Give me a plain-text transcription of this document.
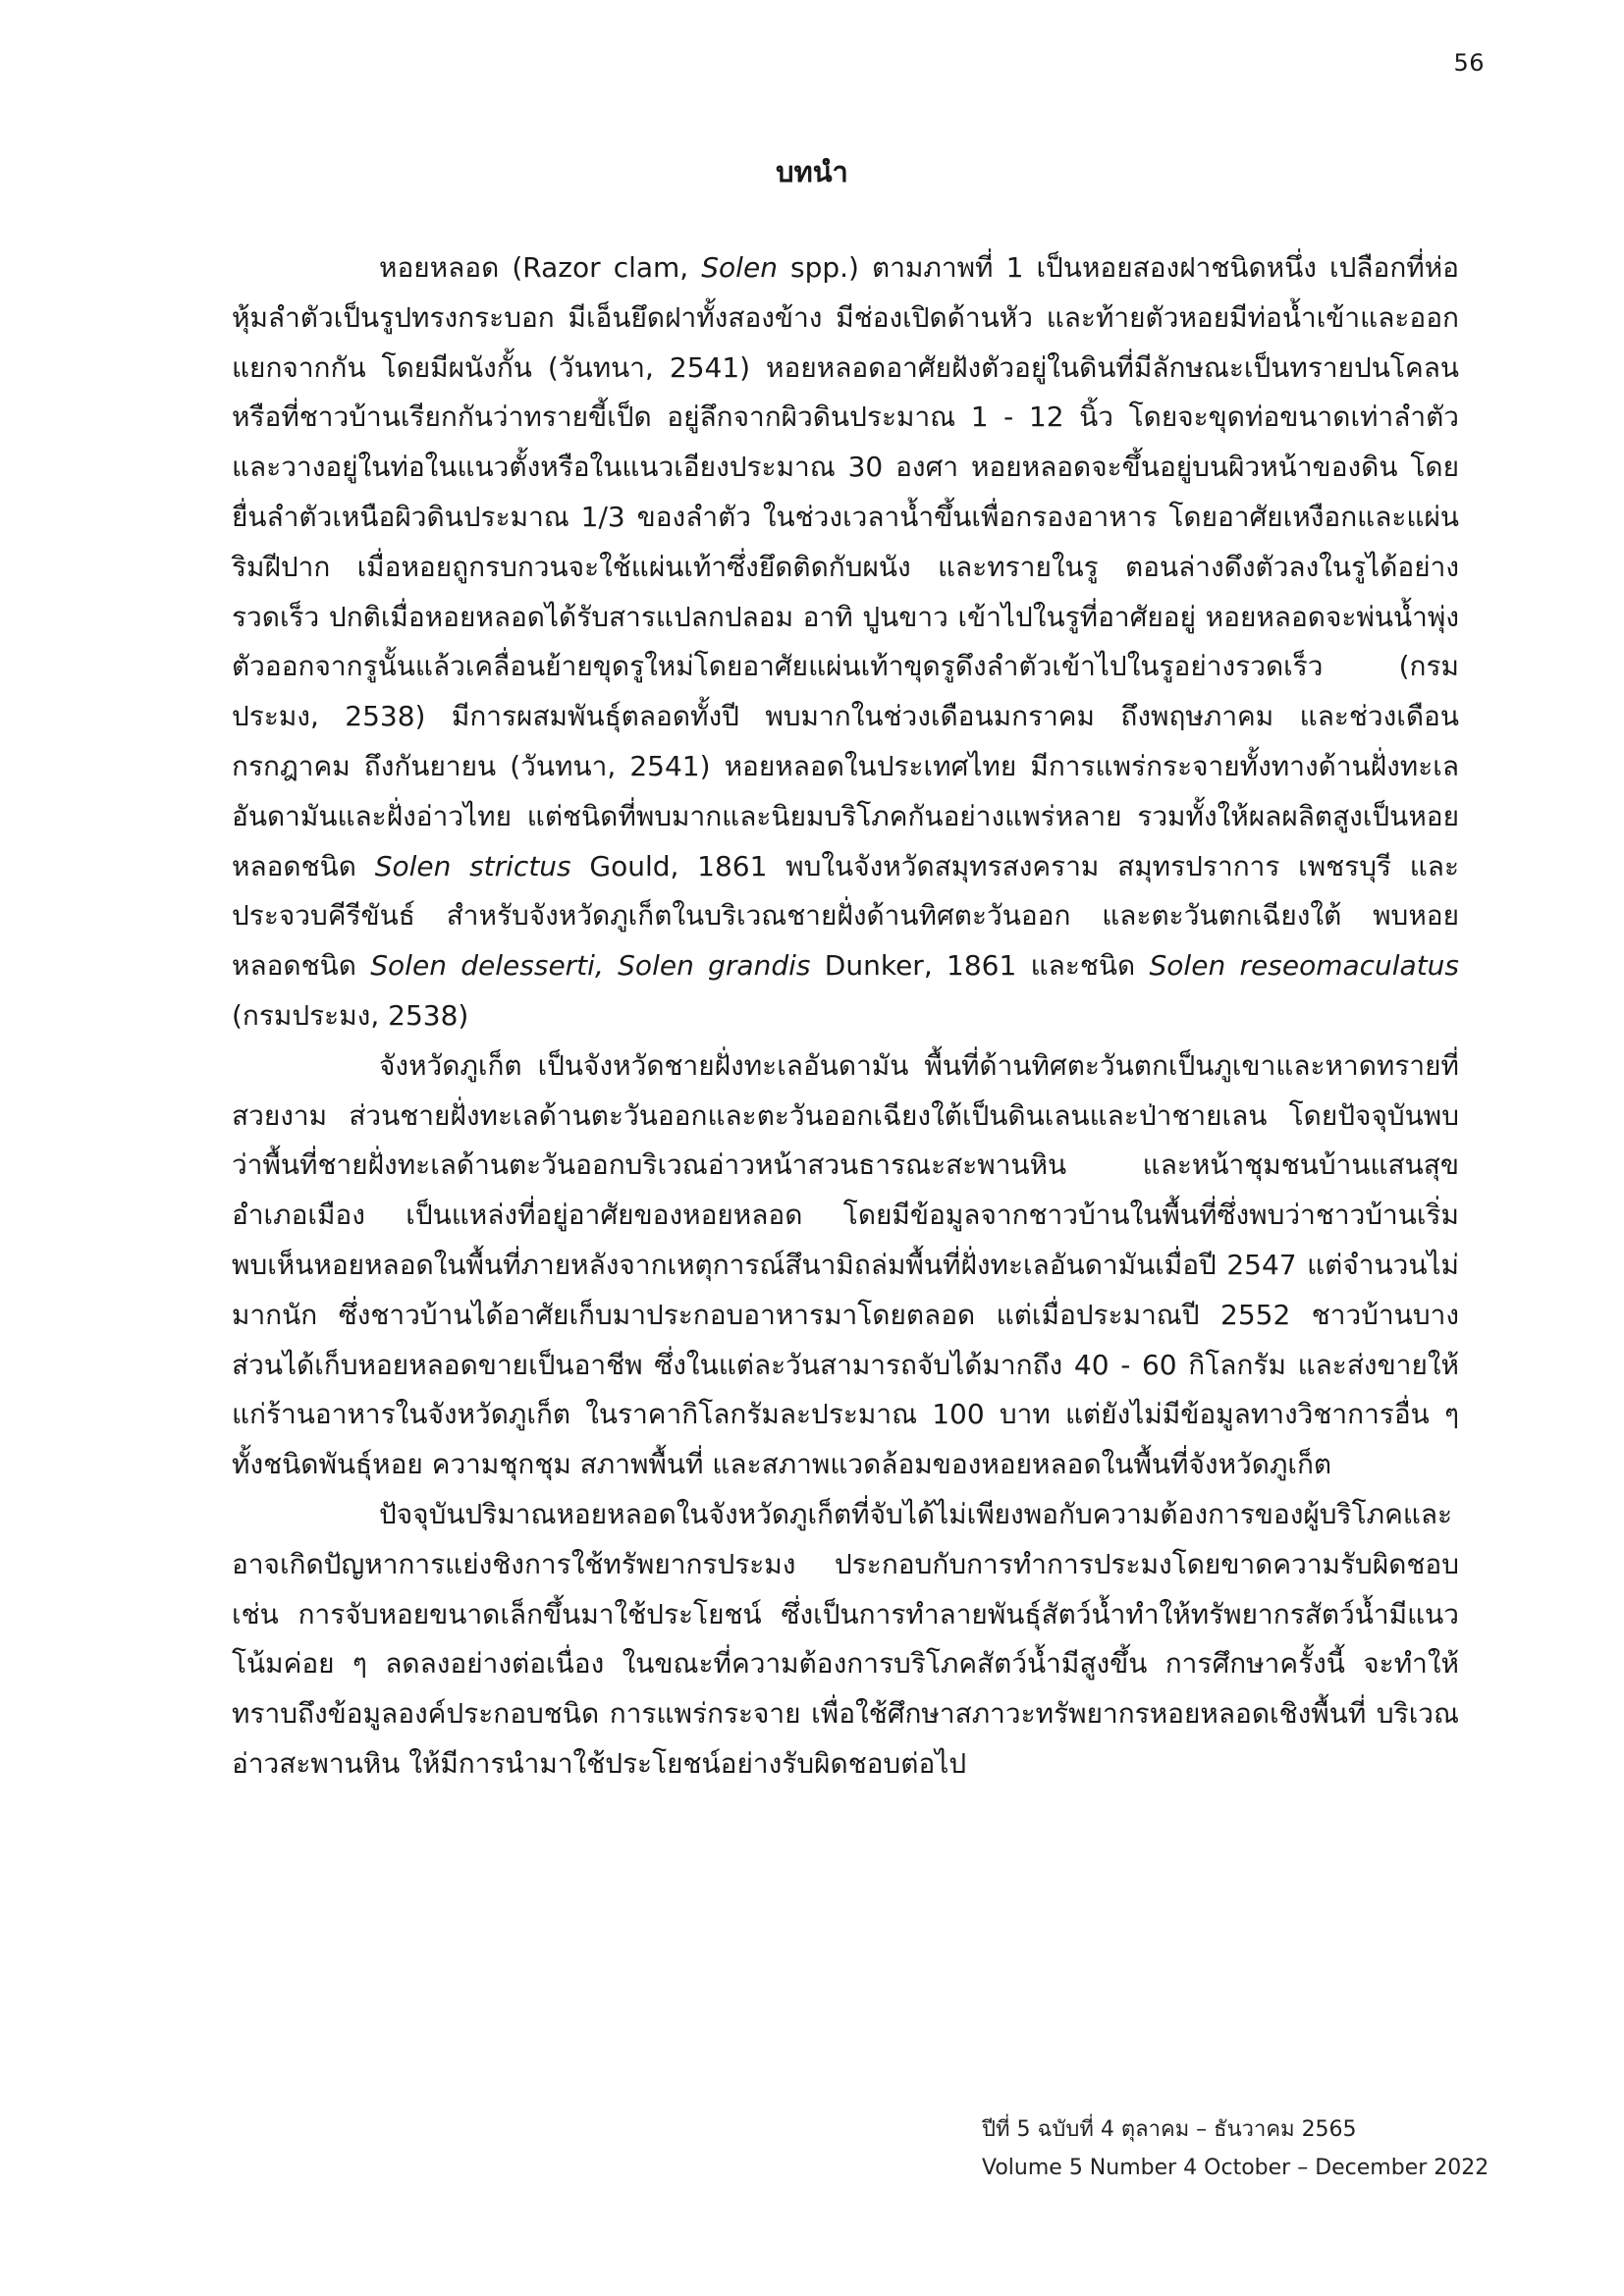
56
บทนำ

หอยหลอด (Razor clam, Solen spp.) ตามภาพที่ 1 เป็นหอยสองฝาชนิดหนึ่ง เปลือกที่ห่อหุ้มลำตัวเป็นรูปทรงกระบอก มีเอ็นยึดฝาทั้งสองข้าง มีช่องเปิดด้านหัว และท้ายตัวหอยมีท่อน้ำเข้าและออกแยกจากกัน โดยมีผนังกั้น (วันทนา, 2541) หอยหลอดอาศัยฝังตัวอยู่ในดินที่มีลักษณะเป็นทรายปนโคลน หรือที่ชาวบ้านเรียกกันว่าทรายขี้เป็ด อยู่ลึกจากผิวดินประมาณ 1 - 12 นิ้ว โดยจะขุดท่อขนาดเท่าลำตัว และวางอยู่ในท่อในแนวตั้งหรือในแนวเอียงประมาณ 30 องศา หอยหลอดจะขึ้นอยู่บนผิวหน้าของดิน โดยยื่นลำตัวเหนือผิวดินประมาณ 1/3 ของลำตัว ในช่วงเวลาน้ำขึ้นเพื่อกรองอาหาร โดยอาศัยเหงือกและแผ่นริมฝีปาก เมื่อหอยถูกรบกวนจะใช้แผ่นเท้าซึ่งยึดติดกับผนัง และทรายในรู ตอนล่างดึงตัวลงในรูได้อย่างรวดเร็ว ปกติเมื่อหอยหลอดได้รับสารแปลกปลอม อาทิ ปูนขาว เข้าไปในรูที่อาศัยอยู่ หอยหลอดจะพ่นน้ำพุ่งตัวออกจากรูนั้นแล้วเคลื่อนย้ายขุดรูใหม่โดยอาศัยแผ่นเท้าขุดรูดึงลำตัวเข้าไปในรูอย่างรวดเร็ว (กรมประมง, 2538) มีการผสมพันธุ์ตลอดทั้งปี พบมากในช่วงเดือนมกราคม ถึงพฤษภาคม และช่วงเดือนกรกฎาคม ถึงกันยายน (วันทนา, 2541) หอยหลอดในประเทศไทย มีการแพร่กระจายทั้งทางด้านฝั่งทะเลอันดามันและฝั่งอ่าวไทย แต่ชนิดที่พบมากและนิยมบริโภคกันอย่างแพร่หลาย รวมทั้งให้ผลผลิตสูงเป็นหอยหลอดชนิด Solen strictus Gould, 1861 พบในจังหวัดสมุทรสงคราม สมุทรปราการ เพชรบุรี และประจวบคีรีขันธ์ สำหรับจังหวัดภูเก็ตในบริเวณชายฝั่งด้านทิศตะวันออก และตะวันตกเฉียงใต้ พบหอยหลอดชนิด Solen delesserti, Solen grandis Dunker, 1861 และชนิด Solen reseomaculatus (กรมประมง, 2538)

จังหวัดภูเก็ต เป็นจังหวัดชายฝั่งทะเลอันดามัน พื้นที่ด้านทิศตะวันตกเป็นภูเขาและหาดทรายที่สวยงาม ส่วนชายฝั่งทะเลด้านตะวันออกและตะวันออกเฉียงใต้เป็นดินเลนและป่าชายเลน โดยปัจจุบันพบว่าพื้นที่ชายฝั่งทะเลด้านตะวันออกบริเวณอ่าวหน้าสวนธารณะสะพานหิน และหน้าชุมชนบ้านแสนสุข อำเภอเมือง เป็นแหล่งที่อยู่อาศัยของหอยหลอด โดยมีข้อมูลจากชาวบ้านในพื้นที่ซึ่งพบว่าชาวบ้านเริ่มพบเห็นหอยหลอดในพื้นที่ภายหลังจากเหตุการณ์สึนามิถล่มพื้นที่ฝั่งทะเลอันดามันเมื่อปี 2547 แต่จำนวนไม่มากนัก ซึ่งชาวบ้านได้อาศัยเก็บมาประกอบอาหารมาโดยตลอด แต่เมื่อประมาณปี 2552 ชาวบ้านบางส่วนได้เก็บหอยหลอดขายเป็นอาชีพ ซึ่งในแต่ละวันสามารถจับได้มากถึง 40 - 60 กิโลกรัม และส่งขายให้แก่ร้านอาหารในจังหวัดภูเก็ต ในราคากิโลกรัมละประมาณ 100 บาท แต่ยังไม่มีข้อมูลทางวิชาการอื่น ๆ ทั้งชนิดพันธุ์หอย ความชุกชุม สภาพพื้นที่ และสภาพแวดล้อมของหอยหลอดในพื้นที่จังหวัดภูเก็ต

ปัจจุบันปริมาณหอยหลอดในจังหวัดภูเก็ตที่จับได้ไม่เพียงพอกับความต้องการของผู้บริโภคและอาจเกิดปัญหาการแย่งชิงการใช้ทรัพยากรประมง ประกอบกับการทำการประมงโดยขาดความรับผิดชอบ เช่น การจับหอยขนาดเล็กขึ้นมาใช้ประโยชน์ ซึ่งเป็นการทำลายพันธุ์สัตว์น้ำทำให้ทรัพยากรสัตว์น้ำมีแนวโน้มค่อย ๆ ลดลงอย่างต่อเนื่อง ในขณะที่ความต้องการบริโภคสัตว์น้ำมีสูงขึ้น การศึกษาครั้งนี้ จะทำให้ทราบถึงข้อมูลองค์ประกอบชนิด การแพร่กระจาย เพื่อใช้ศึกษาสภาวะทรัพยากรหอยหลอดเชิงพื้นที่ บริเวณอ่าวสะพานหิน ให้มีการนำมาใช้ประโยชน์อย่างรับผิดชอบต่อไป

ปีที่ 5 ฉบับที่ 4 ตุลาคม – ธันวาคม 2565
Volume 5 Number 4 October – December 2022
